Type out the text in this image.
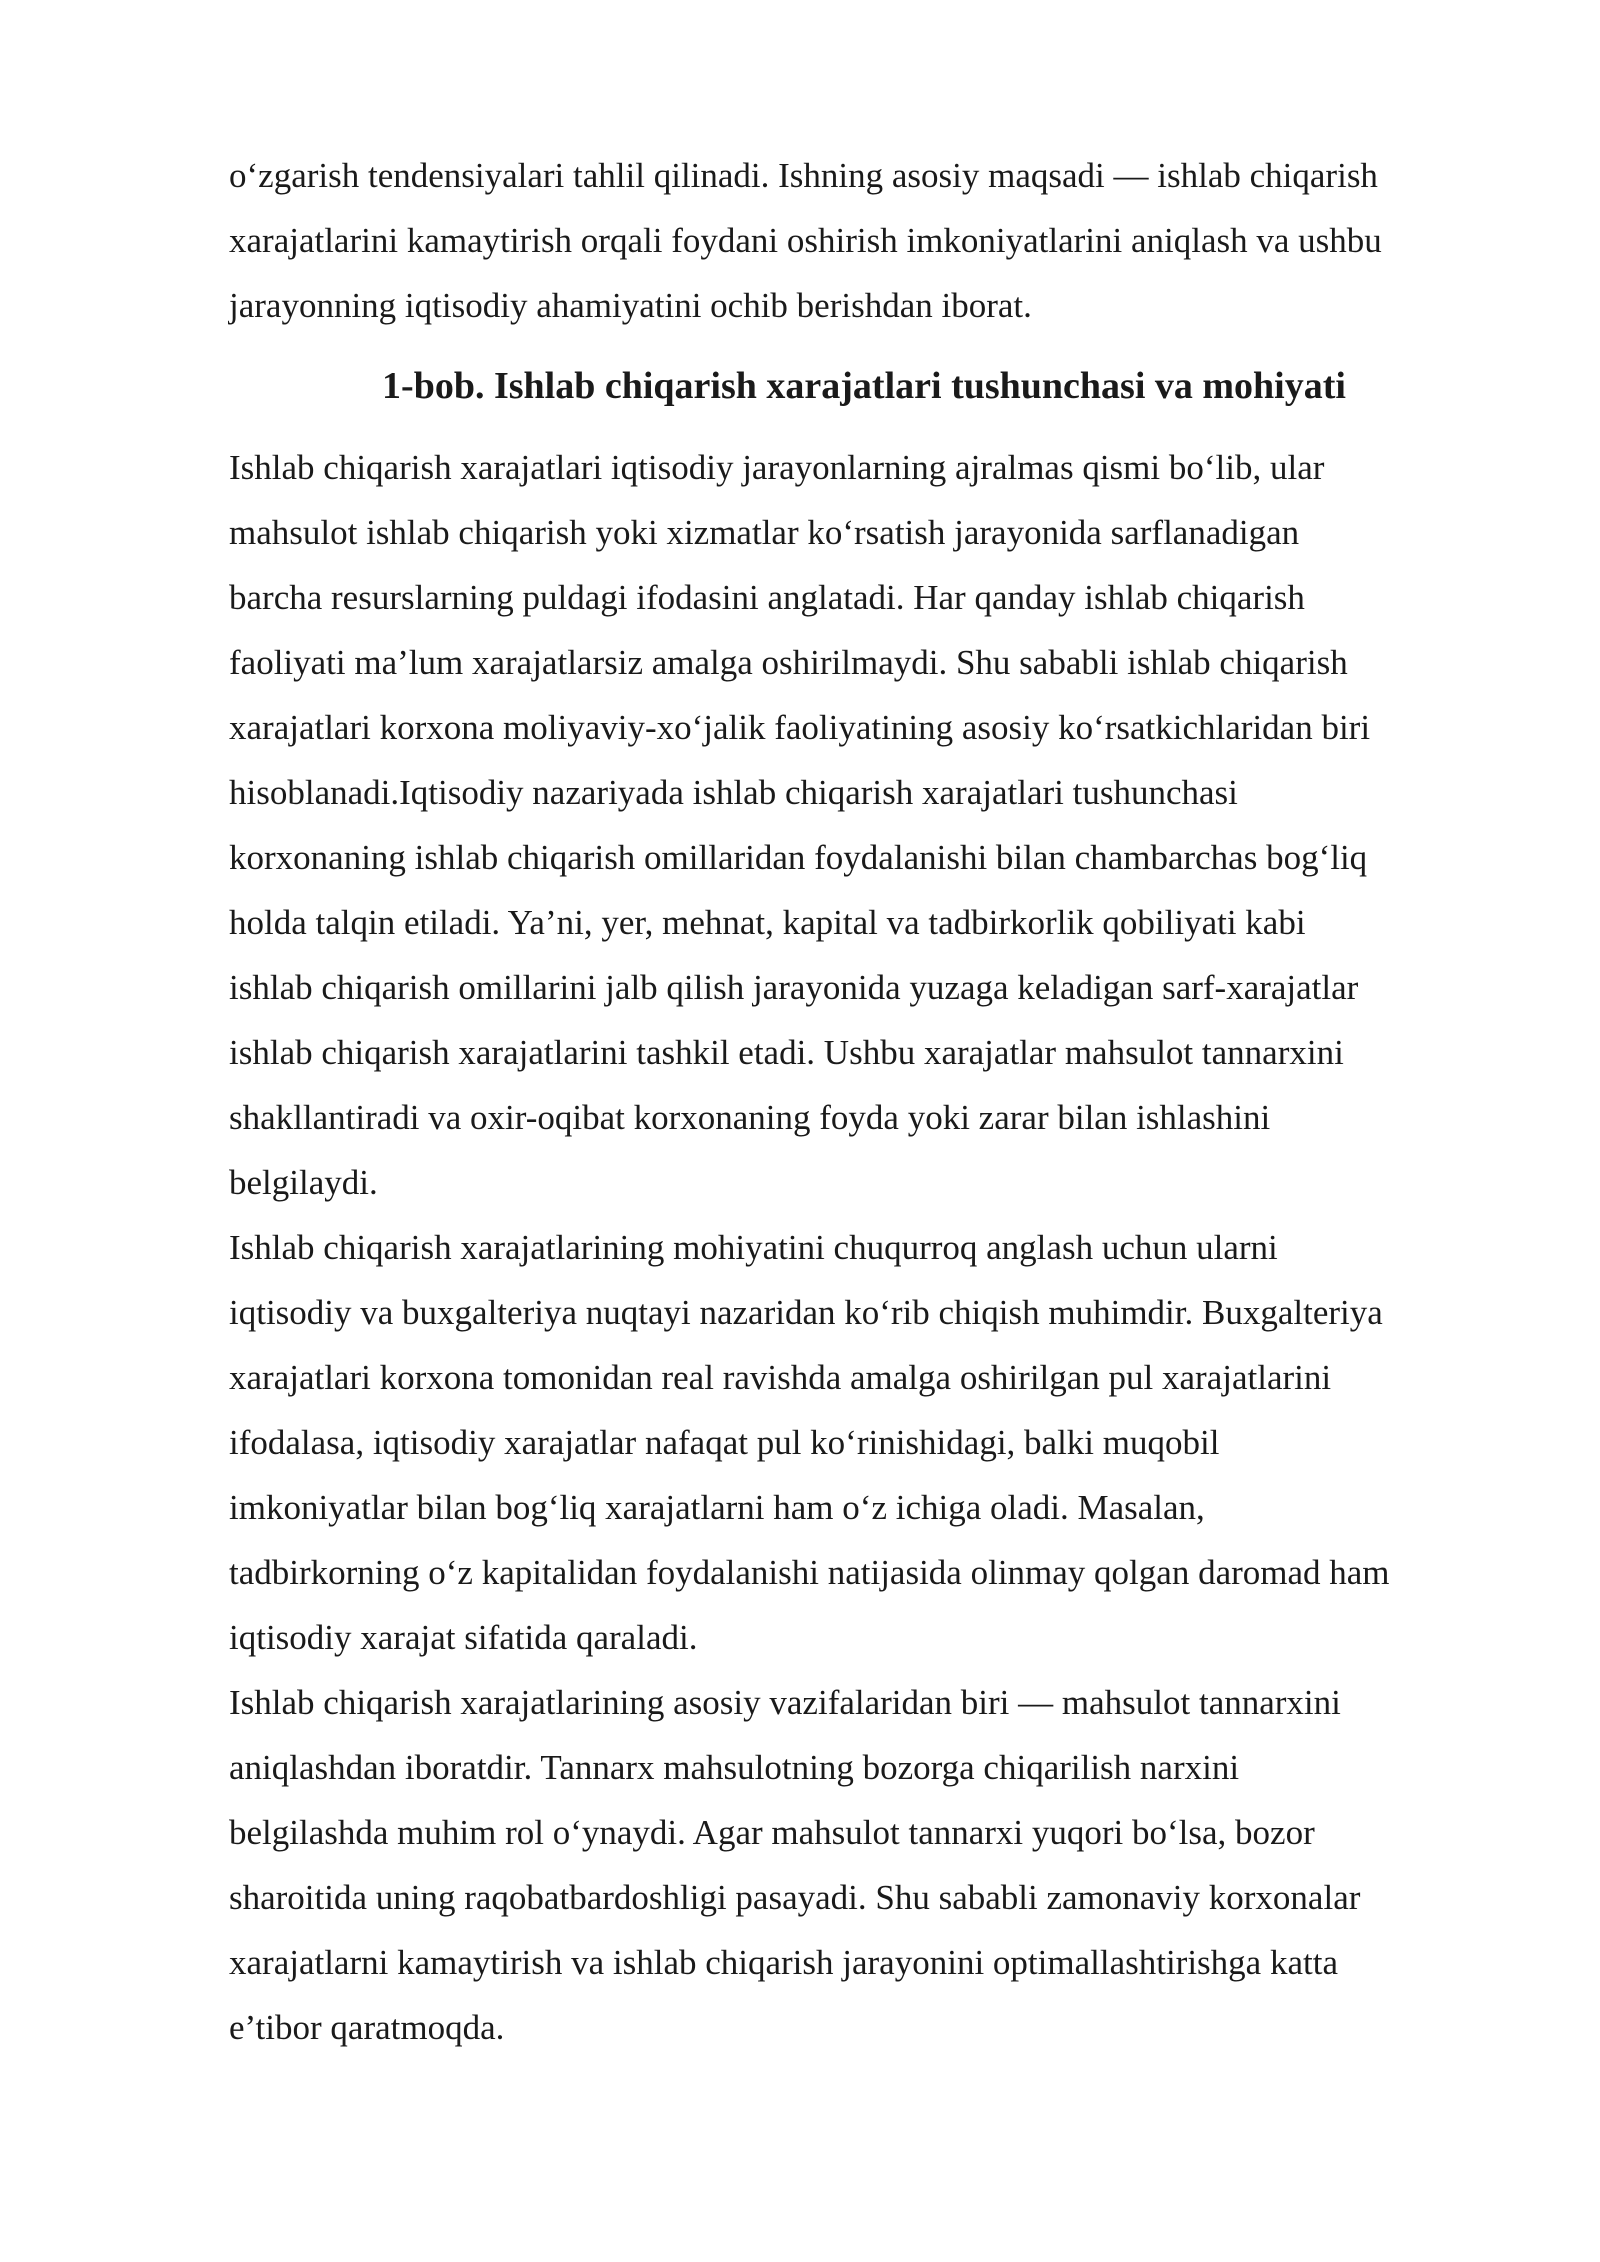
o‘zgarish tendensiyalari tahlil qilinadi. Ishning asosiy maqsadi — ishlab chiqarish
xarajatlarini kamaytirish orqali foydani oshirish imkoniyatlarini aniqlash va ushbu
jarayonning iqtisodiy ahamiyatini ochib berishdan iborat.

1-bob. Ishlab chiqarish xarajatlari tushunchasi va mohiyati

Ishlab chiqarish xarajatlari iqtisodiy jarayonlarning ajralmas qismi bo‘lib, ular
mahsulot ishlab chiqarish yoki xizmatlar ko‘rsatish jarayonida sarflanadigan
barcha resurslarning puldagi ifodasini anglatadi. Har qanday ishlab chiqarish
faoliyati ma’lum xarajatlarsiz amalga oshirilmaydi. Shu sababli ishlab chiqarish
xarajatlari korxona moliyaviy-xo‘jalik faoliyatining asosiy ko‘rsatkichlaridan biri
hisoblanadi.Iqtisodiy nazariyada ishlab chiqarish xarajatlari tushunchasi
korxonaning ishlab chiqarish omillaridan foydalanishi bilan chambarchas bog‘liq
holda talqin etiladi. Ya’ni, yer, mehnat, kapital va tadbirkorlik qobiliyati kabi
ishlab chiqarish omillarini jalb qilish jarayonida yuzaga keladigan sarf-xarajatlar
ishlab chiqarish xarajatlarini tashkil etadi. Ushbu xarajatlar mahsulot tannarxini
shakllantiradi va oxir-oqibat korxonaning foyda yoki zarar bilan ishlashini
belgilaydi.

Ishlab chiqarish xarajatlarining mohiyatini chuqurroq anglash uchun ularni
iqtisodiy va buxgalteriya nuqtayi nazaridan ko‘rib chiqish muhimdir. Buxgalteriya
xarajatlari korxona tomonidan real ravishda amalga oshirilgan pul xarajatlarini
ifodalasa, iqtisodiy xarajatlar nafaqat pul ko‘rinishidagi, balki muqobil
imkoniyatlar bilan bog‘liq xarajatlarni ham o‘z ichiga oladi. Masalan,
tadbirkorning o‘z kapitalidan foydalanishi natijasida olinmay qolgan daromad ham
iqtisodiy xarajat sifatida qaraladi.

Ishlab chiqarish xarajatlarining asosiy vazifalaridan biri — mahsulot tannarxini
aniqlashdan iboratdir. Tannarx mahsulotning bozorga chiqarilish narxini
belgilashda muhim rol o‘ynaydi. Agar mahsulot tannarxi yuqori bo‘lsa, bozor
sharoitida uning raqobatbardoshligi pasayadi. Shu sababli zamonaviy korxonalar
xarajatlarni kamaytirish va ishlab chiqarish jarayonini optimallashtirishga katta
e’tibor qaratmoqda.
